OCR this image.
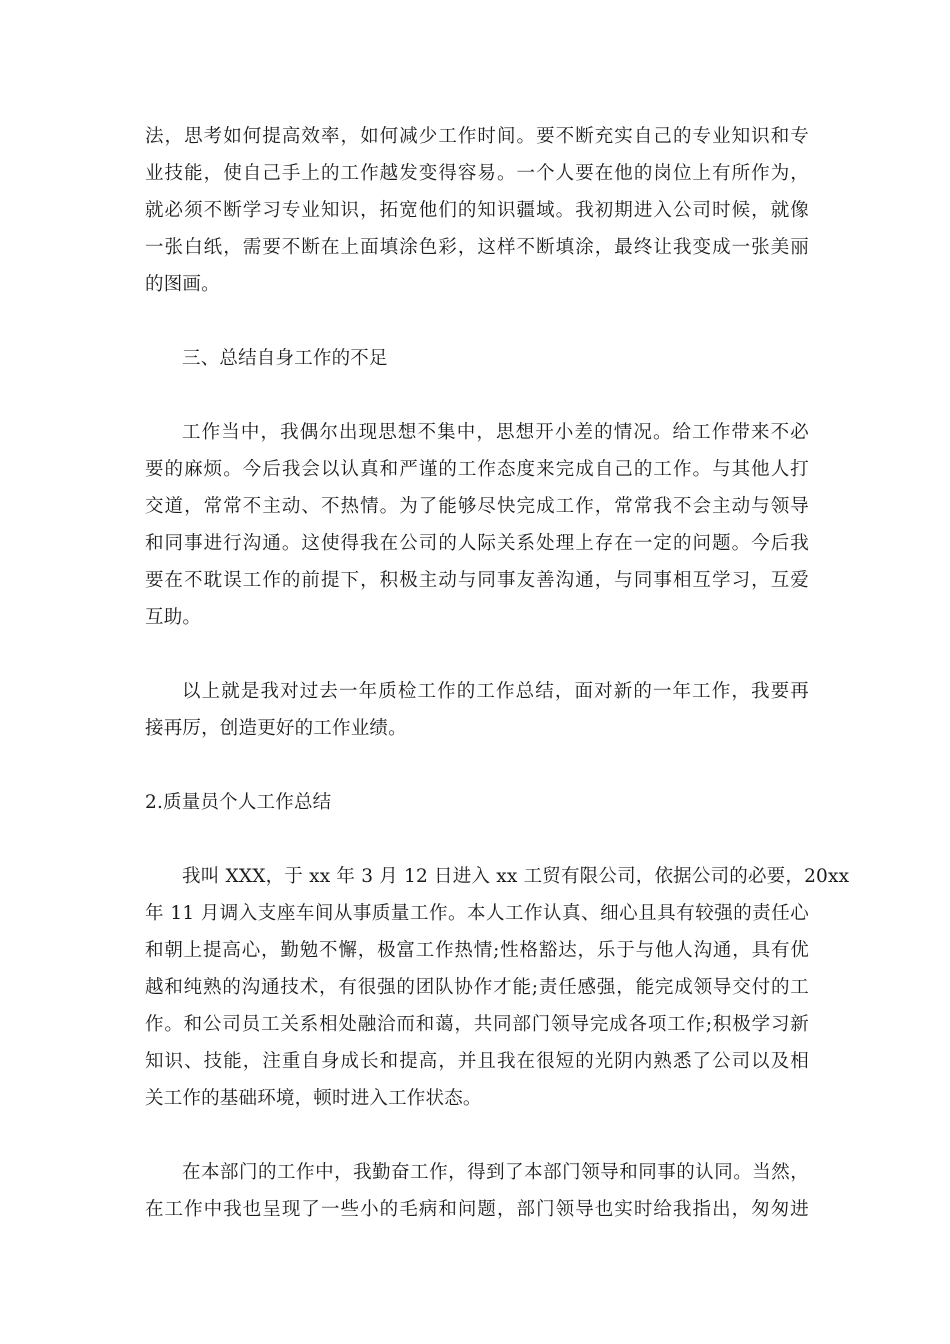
法，思考如何提高效率，如何减少工作时间。要不断充实自己的专业知识和专
业技能，使自己手上的工作越发变得容易。一个人要在他的岗位上有所作为，
就必须不断学习专业知识，拓宽他们的知识疆域。我初期进入公司时候，就像
一张白纸，需要不断在上面填涂色彩，这样不断填涂，最终让我变成一张美丽
的图画。
三、总结自身工作的不足
工作当中，我偶尔出现思想不集中，思想开小差的情况。给工作带来不必
要的麻烦。今后我会以认真和严谨的工作态度来完成自己的工作。与其他人打
交道，常常不主动、不热情。为了能够尽快完成工作，常常我不会主动与领导
和同事进行沟通。这使得我在公司的人际关系处理上存在一定的问题。今后我
要在不耽误工作的前提下，积极主动与同事友善沟通，与同事相互学习，互爱
互助。
以上就是我对过去一年质检工作的工作总结，面对新的一年工作，我要再
接再厉，创造更好的工作业绩。
2.质量员个人工作总结
我叫 XXX，于 xx 年 3 月 12 日进入 xx 工贸有限公司，依据公司的必要，20xx
年 11 月调入支座车间从事质量工作。本人工作认真、细心且具有较强的责任心
和朝上提高心，勤勉不懈，极富工作热情;性格豁达，乐于与他人沟通，具有优
越和纯熟的沟通技术，有很强的团队协作才能;责任感强，能完成领导交付的工
作。和公司员工关系相处融洽而和蔼，共同部门领导完成各项工作;积极学习新
知识、技能，注重自身成长和提高，并且我在很短的光阴内熟悉了公司以及相
关工作的基础环境，顿时进入工作状态。
在本部门的工作中，我勤奋工作，得到了本部门领导和同事的认同。当然，
在工作中我也呈现了一些小的毛病和问题，部门领导也实时给我指出，匆匆进
